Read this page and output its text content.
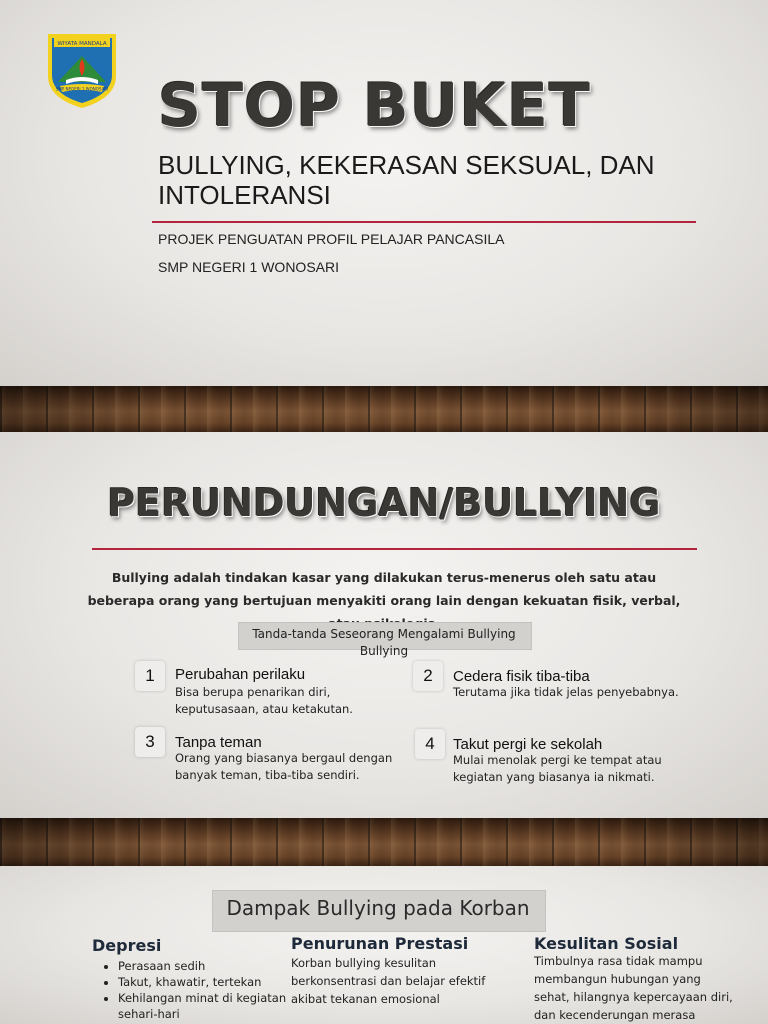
WIYATA MANDALA
SMP NEGERI 1 WONOSARI STOP BUKET
BULLYING, KEKERASAN SEKSUAL, DAN INTOLERANSI
PROJEK PENGUATAN PROFIL PELAJAR PANCASILA
SMP NEGERI 1 WONOSARI
PERUNDUNGAN/BULLYING
Bullying adalah tindakan kasar yang dilakukan terus-menerus oleh satu atau beberapa orang yang bertujuan menyakiti orang lain dengan kekuatan fisik, verbal,
Tanda-tanda Seseorang Mengalami Bullying
Bullying
1	Perubahan perilaku
Bisa berupa penarikan diri, keputusasaan, atau ketakutan.
2	Cedera fisik tiba-tiba
Terutama jika tidak jelas penyebabnya.
3	Tanpa teman
Orang yang biasanya bergaul dengan banyak teman, tiba-tiba sendiri.
4	Takut pergi ke sekolah
Mulai menolak pergi ke tempat atau kegiatan yang biasanya ia nikmati.
Dampak Bullying pada Korban
Depresi
• Perasaan sedih
• Takut, khawatir, tertekan
• Kehilangan minat di kegiatan sehari-hari
Penurunan Prestasi
Korban bullying kesulitan berkonsentrasi dan belajar efektif akibat tekanan emosional
Kesulitan Sosial
Timbulnya rasa tidak mampu membangun hubungan yang sehat, hilangnya kepercayaan diri, dan kecenderungan merasa
